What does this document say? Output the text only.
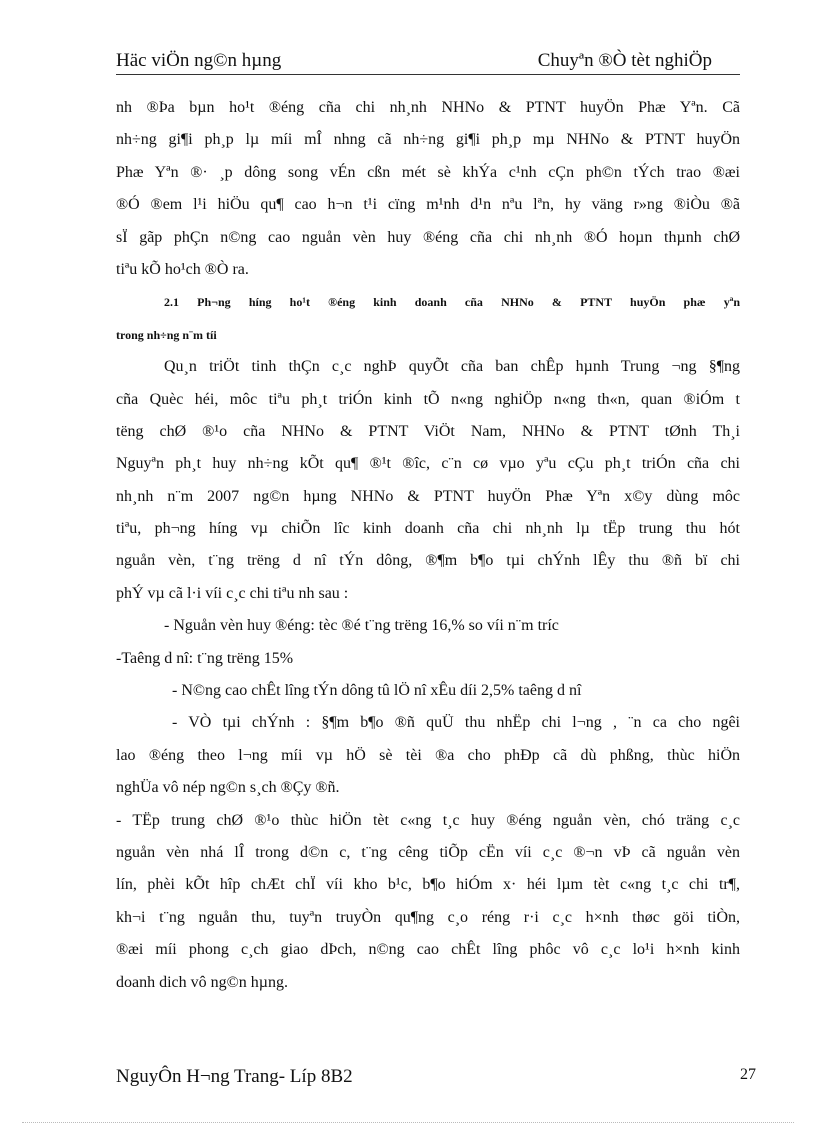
Häc viÖn ng©n hµng	Chuyªn ®Ò tèt nghiÖp
nh ®Þa bµn ho¹t ®éng cña chi nh¸nh NHNo & PTNT huyÖn Phæ Yªn. Cã
nh÷ng gi¶i ph¸p lµ míi mÎ nhng cã nh÷ng gi¶i ph¸p mµ NHNo & PTNT huyÖn
Phæ Yªn ®· ¸p dông song vÉn cßn mét sè khÝa c¹nh cÇn ph©n tÝch trao ®æi
®Ó ®em l¹i hiÖu qu¶ cao h¬n t¹i cïng m¹nh d¹n nªu lªn, hy väng r»ng ®iÒu ®ã
sÏ gãp phÇn n©ng cao nguån vèn huy ®éng cña chi nh¸nh ®Ó hoµn thµnh chØ
tiªu kÕ ho¹ch ®Ò ra.
2.1 Ph¬ng híng ho¹t ®éng kinh doanh cña NHNo & PTNT huyÖn phæ yªn
trong nh÷ng n¨m tíi
Qu¸n triÖt tinh thÇn c¸c nghÞ quyÕt cña ban chÊp hµnh Trung ¬ng §¶ng
cña Quèc héi, môc tiªu ph¸t triÓn kinh tÕ n«ng nghiÖp n«ng th«n, quan ®iÓm t
tëng chØ ®¹o cña NHNo & PTNT ViÖt Nam, NHNo & PTNT tØnh Th¸i
Nguyªn ph¸t huy nh÷ng kÕt qu¶ ®¹t ®îc, c¨n cø vµo yªu cÇu ph¸t triÓn cña chi
nh¸nh n¨m 2007 ng©n hµng NHNo & PTNT huyÖn Phæ Yªn x©y dùng môc
tiªu, ph¬ng híng vµ chiÕn lîc kinh doanh cña chi nh¸nh lµ tËp trung thu hót
nguån vèn, t¨ng trëng d nî tÝn dông, ®¶m b¶o tµi chÝnh lÊy thu ®ñ bï chi
phÝ vµ cã l·i víi c¸c chi tiªu nh sau :
- Nguån vèn huy ®éng: tèc ®é t¨ng trëng 16,% so víi n¨m tríc
-Taêng d nî: t¨ng trëng 15%
- N©ng cao chÊt lîng tÝn dông tû lÖ nî xÊu díi 2,5% taêng d nî
- VÒ tµi chÝnh : §¶m b¶o ®ñ quÜ thu nhËp chi l¬ng , ¨n ca cho ngêi
lao ®éng theo l¬ng míi vµ hÖ sè tèi ®a cho phÐp cã dù phßng, thùc hiÖn
nghÜa vô nép ng©n s¸ch ®Çy ®ñ.
- TËp trung chØ ®¹o thùc hiÖn tèt c«ng t¸c huy ®éng nguån vèn, chó träng c¸c
nguån vèn nhá lÎ trong d©n c, t¨ng cêng tiÕp cËn víi c¸c ®¬n vÞ cã nguån vèn
lín, phèi kÕt hîp chÆt chÏ víi kho b¹c, b¶o hiÓm x· héi lµm tèt c«ng t¸c chi tr¶,
kh¬i t¨ng nguån thu, tuyªn truyÒn qu¶ng c¸o réng r·i c¸c h×nh thøc göi tiÒn,
®æi míi phong c¸ch giao dÞch, n©ng cao chÊt lîng phôc vô c¸c lo¹i h×nh kinh
doanh dich vô ng©n hµng.
NguyÔn H¬ng Trang- Líp 8B2	27
